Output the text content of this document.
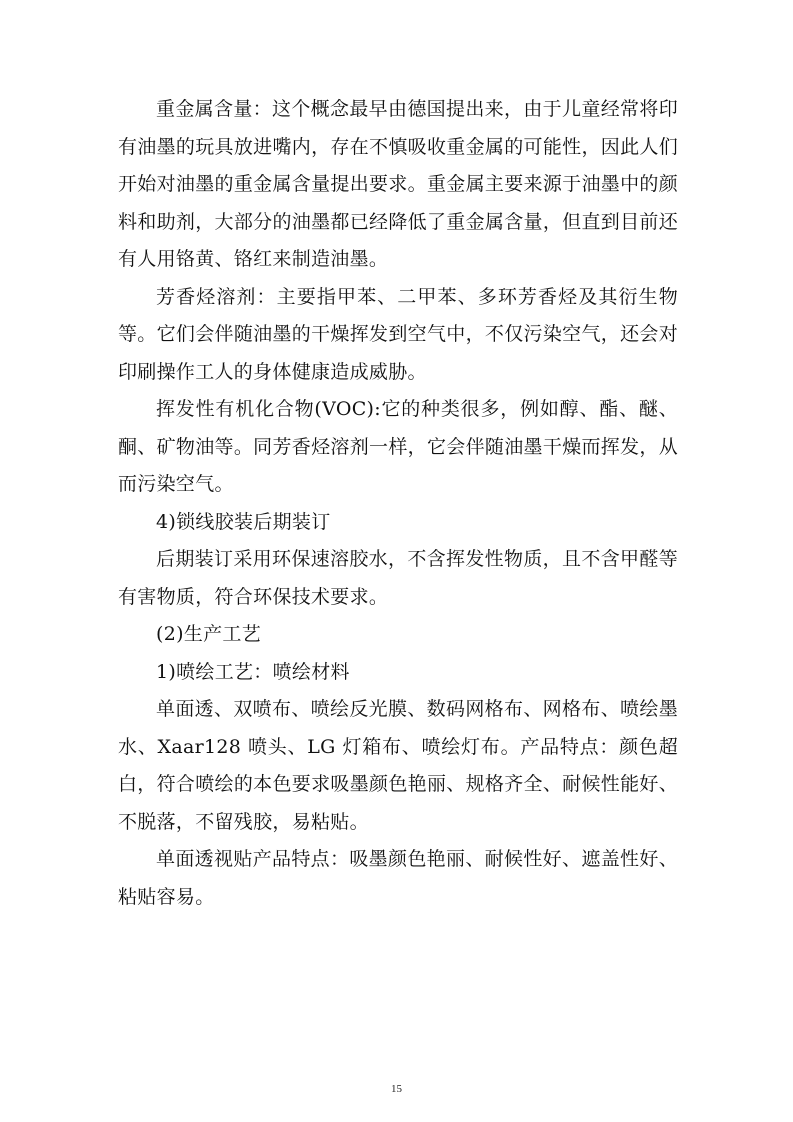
重金属含量：这个概念最早由德国提出来，由于儿童经常将印有油墨的玩具放进嘴内，存在不慎吸收重金属的可能性，因此人们开始对油墨的重金属含量提出要求。重金属主要来源于油墨中的颜料和助剂，大部分的油墨都已经降低了重金属含量，但直到目前还有人用铬黄、铬红来制造油墨。

芳香烃溶剂：主要指甲苯、二甲苯、多环芳香烃及其衍生物等。它们会伴随油墨的干燥挥发到空气中，不仅污染空气，还会对印刷操作工人的身体健康造成威胁。

挥发性有机化合物(VOC):它的种类很多，例如醇、酯、醚、酮、矿物油等。同芳香烃溶剂一样，它会伴随油墨干燥而挥发，从而污染空气。

4)锁线胶装后期装订

后期装订采用环保速溶胶水，不含挥发性物质，且不含甲醛等有害物质，符合环保技术要求。

(2)生产工艺

1)喷绘工艺：喷绘材料

单面透、双喷布、喷绘反光膜、数码网格布、网格布、喷绘墨水、Xaar128 喷头、LG 灯箱布、喷绘灯布。产品特点：颜色超白，符合喷绘的本色要求吸墨颜色艳丽、规格齐全、耐候性能好、不脱落，不留残胶，易粘贴。

单面透视贴产品特点：吸墨颜色艳丽、耐候性好、遮盖性好、粘贴容易。

15
